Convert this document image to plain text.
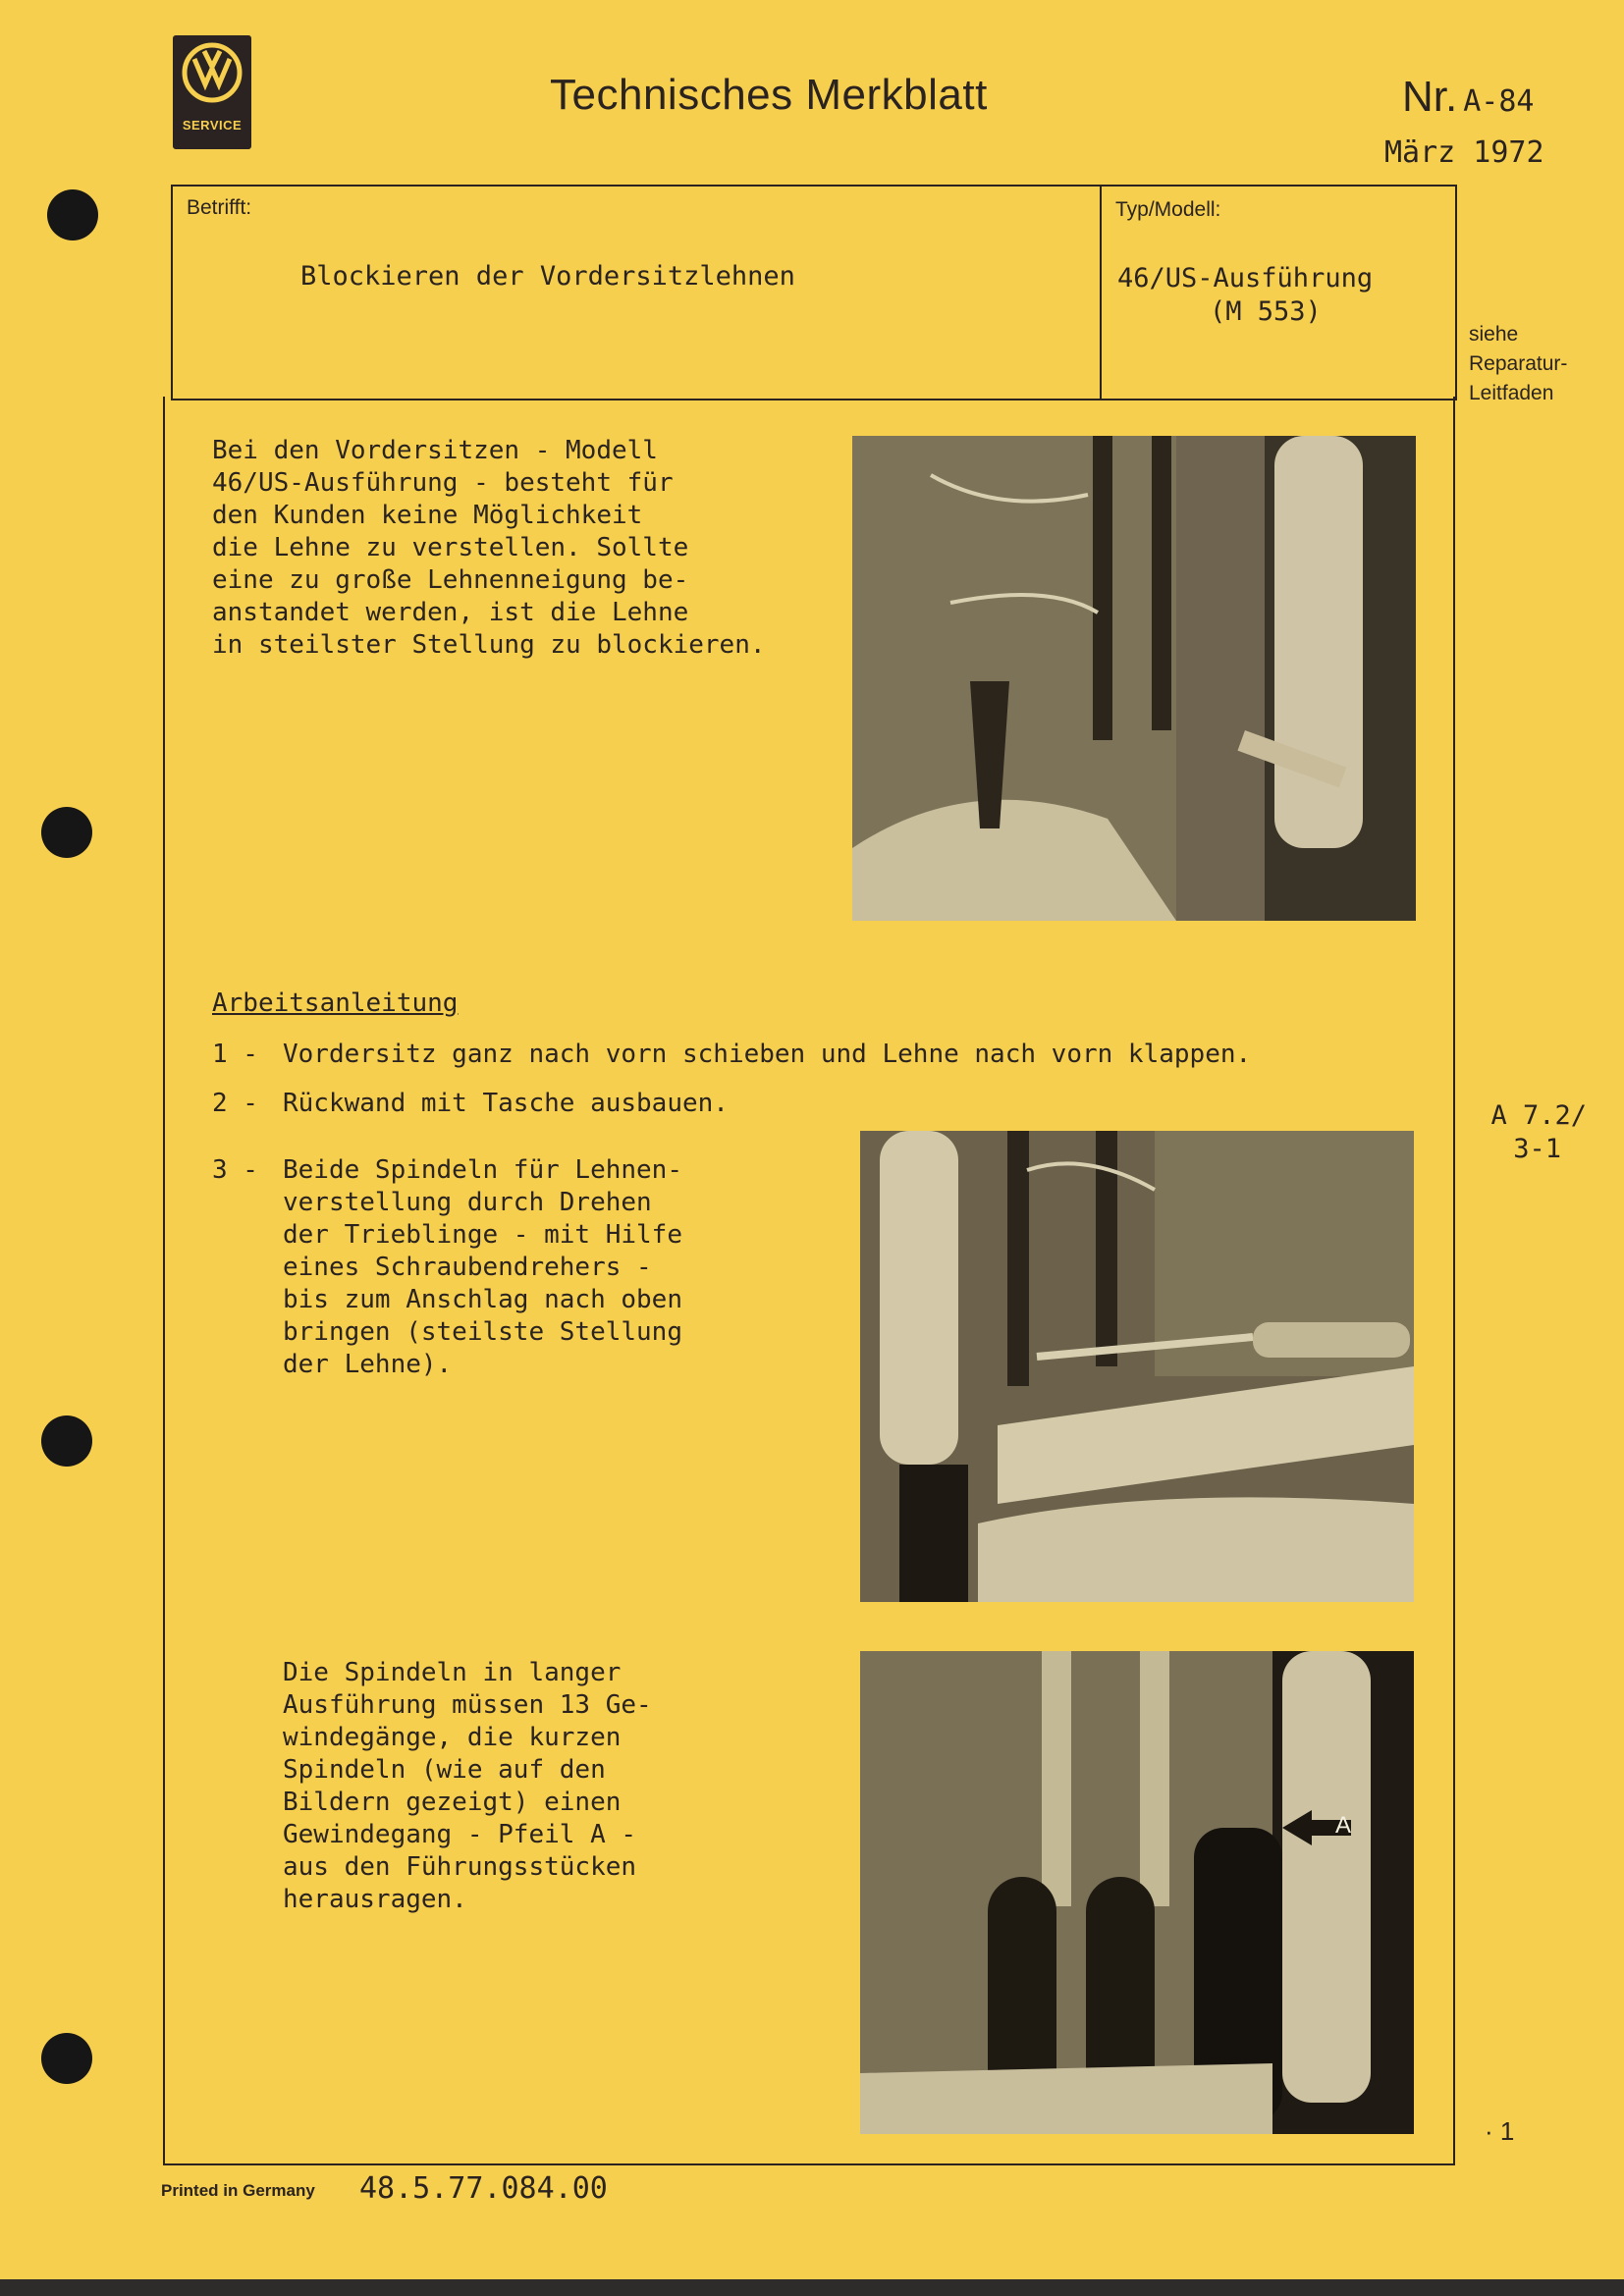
SERVICE
Technisches Merkblatt	Nr. A-84
März 1972
Betrifft:
Blockieren der Vordersitzlehnen
Typ/Modell:
46/US-Ausführung
(M 553)
siehe
Reparatur-
Leitfaden
Bei den Vordersitzen - Modell
46/US-Ausführung - besteht für
den Kunden keine Möglichkeit
die Lehne zu verstellen. Sollte
eine zu große Lehnenneigung be-
anstandet werden, ist die Lehne
in steilster Stellung zu blockieren.
Arbeitsanleitung
1 - Vordersitz ganz nach vorn schieben und Lehne nach vorn klappen.
2 - Rückwand mit Tasche ausbauen.
3 - Beide Spindeln für Lehnen-
verstellung durch Drehen
der Trieblinge - mit Hilfe
eines Schraubendrehers -
bis zum Anschlag nach oben
bringen (steilste Stellung
der Lehne).
A 7.2/
3-1
Die Spindeln in langer
Ausführung müssen 13 Ge-
windegänge, die kurzen
Spindeln (wie auf den
Bildern gezeigt) einen
Gewindegang - Pfeil A -
aus den Führungsstücken
herausragen.
A
· 1
Printed in Germany 48.5.77.084.00
